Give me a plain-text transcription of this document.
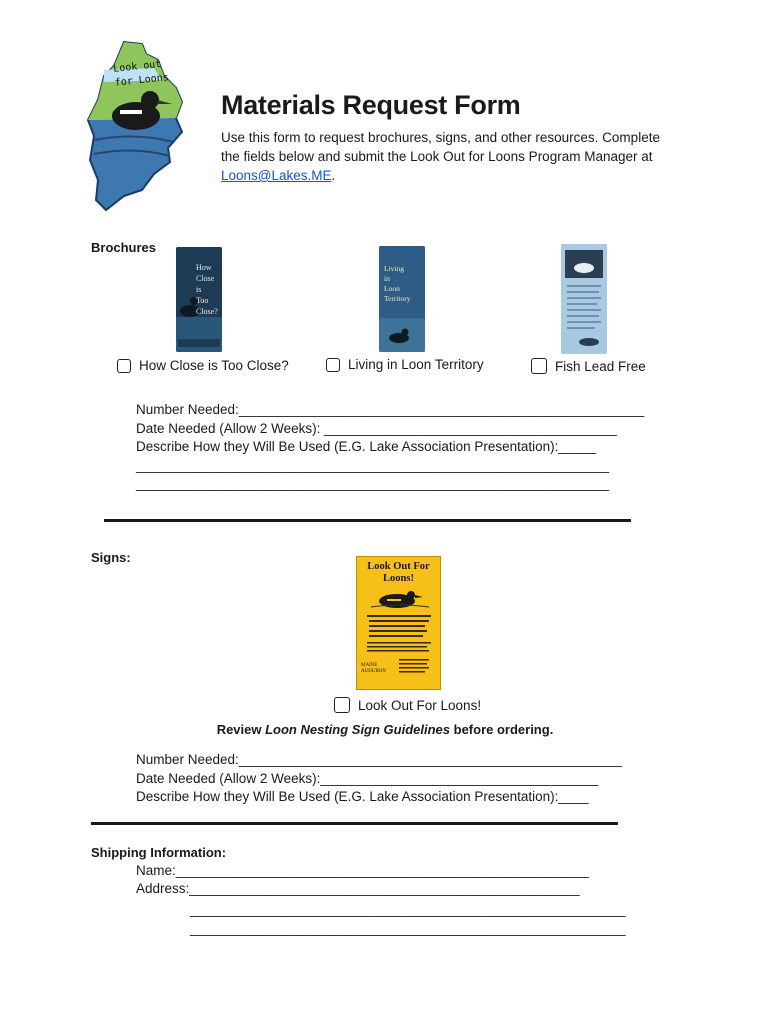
Look out
for Loons
Materials Request Form
Use this form to request brochures, signs, and other resources. Complete the fields below and submit the Look Out for Loons Program Manager at Loons@Lakes.ME.
Brochures
How
Close
is
Too
Close?
Living
in
Loon
Territory
How Close is Too Close?	Living in Loon Territory	Fish Lead Free
Number Needed:______________________________________________________
Date Needed (Allow 2 Weeks): _______________________________________
Describe How they Will Be Used (E.G. Lake Association Presentation):_____
_______________________________________________________________
_______________________________________________________________
Signs:
Look Out For Loons!
MAINE AUDUBON
Look Out For Loons!
Review Loon Nesting Sign Guidelines before ordering.
Number Needed:___________________________________________________
Date Needed (Allow 2 Weeks):_____________________________________
Describe How they Will Be Used (E.G. Lake Association Presentation):____
Shipping Information:
Name:_______________________________________________________
Address:____________________________________________________
__________________________________________________________
__________________________________________________________
